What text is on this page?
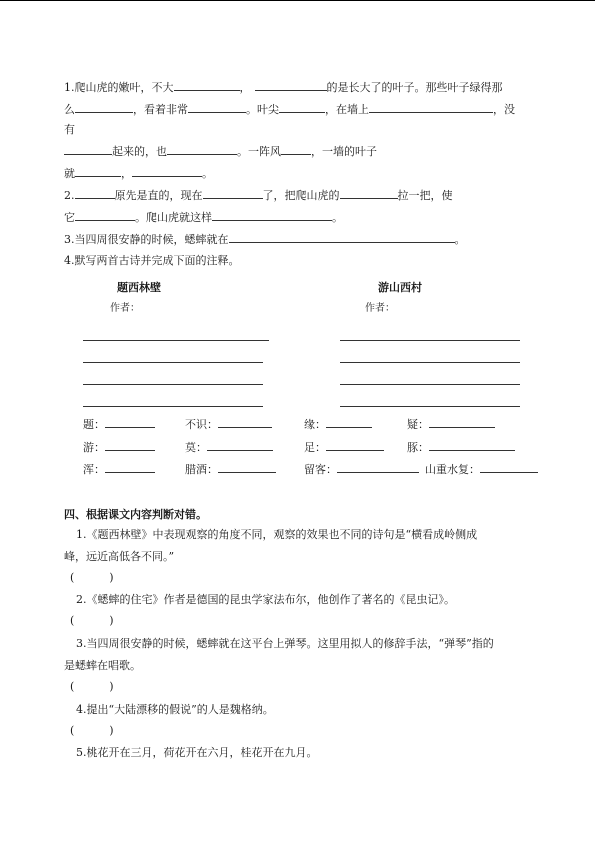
1.爬山虎的嫩叶，不大	，	的是长大了的叶子。那些叶子绿得那
么	，看着非常	。叶尖	，在墙上	，没
有
起来的，也	。一阵风	，一墙的叶子
就	，	。
2.	原先是直的，现在	了，把爬山虎的	拉一把，使
它	。爬山虎就这样	。
3.当四周很安静的时候，蟋蟀就在	。
4.默写两首古诗并完成下面的注释。
题西林壁
作者：
游山西村
作者：
题：	不识：	缘：	疑：
游：	莫：	足：	豚：
浑：	腊酒：	留客：	山重水复：
四、根据课文内容判断对错。
1.《题西林壁》中表现观察的角度不同，观察的效果也不同的诗句是“横看成岭侧成
峰，远近高低各不同。”
(          )
2.《蟋蟀的住宅》作者是德国的昆虫学家法布尔，他创作了著名的《昆虫记》。
(          )
3.当四周很安静的时候，蟋蟀就在这平台上弹琴。这里用拟人的修辞手法，“弹琴”指的
是蟋蟀在唱歌。
(          )
4.提出“大陆漂移的假说”的人是魏格纳。
(          )
5.桃花开在三月，荷花开在六月，桂花开在九月。
